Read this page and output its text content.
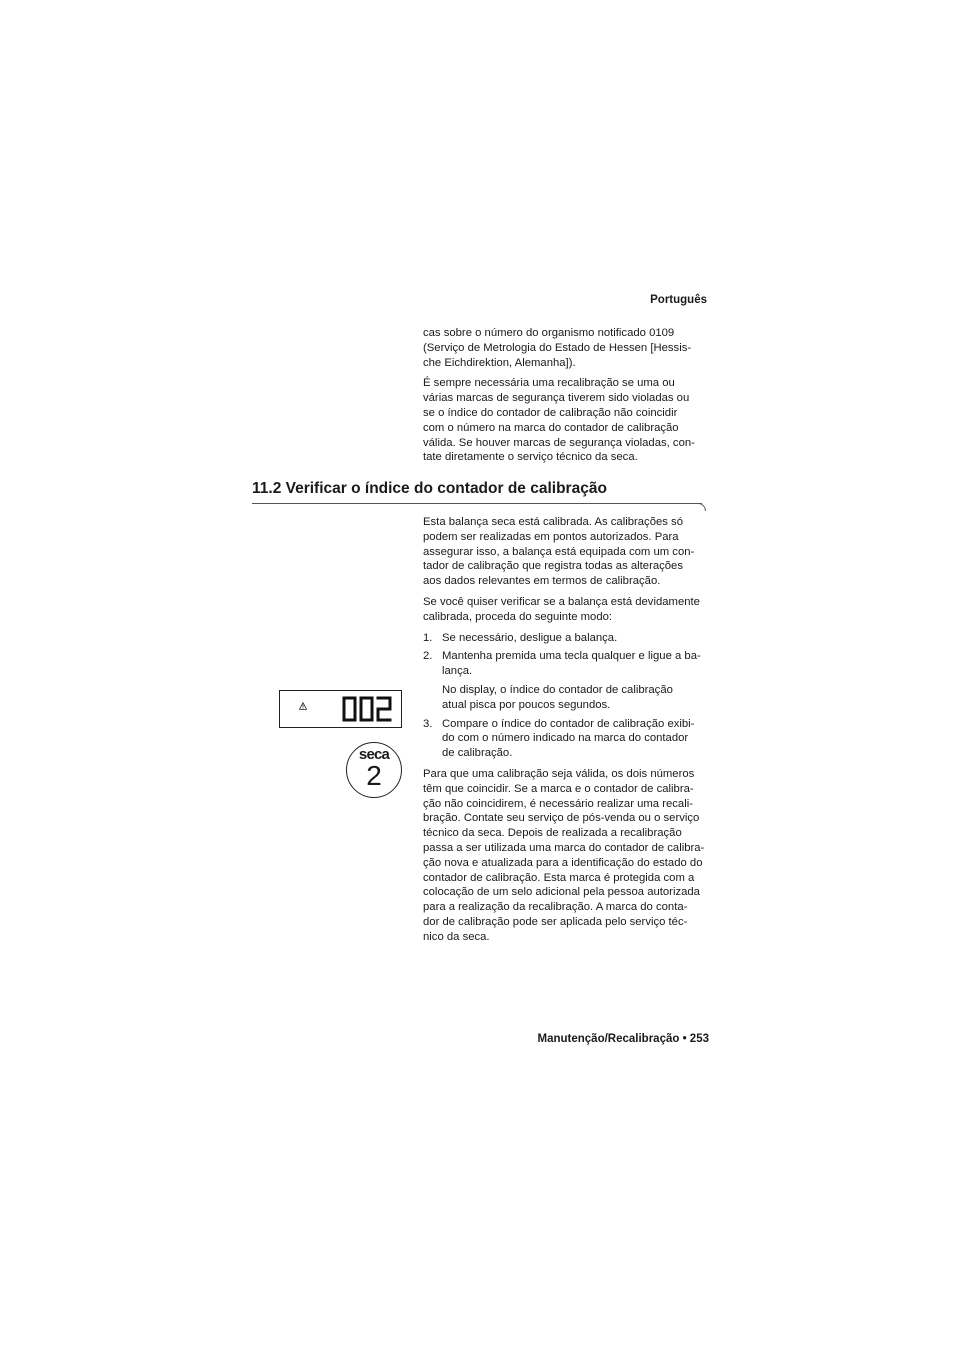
Português

cas sobre o número do organismo notificado 0109
(Serviço de Metrologia do Estado de Hessen [Hessis-
che Eichdirektion, Alemanha]).

É sempre necessária uma recalibração se uma ou
várias marcas de segurança tiverem sido violadas ou
se o índice do contador de calibração não coincidir
com o número na marca do contador de calibração
válida. Se houver marcas de segurança violadas, con-
tate diretamente o serviço técnico da seca.

11.2 Verificar o índice do contador de calibração

Esta balança seca está calibrada. As calibrações só
podem ser realizadas em pontos autorizados. Para
assegurar isso, a balança está equipada com um con-
tador de calibração que registra todas as alterações
aos dados relevantes em termos de calibração.

Se você quiser verificar se a balança está devidamente
calibrada, proceda do seguinte modo:

1. Se necessário, desligue a balança.
2. Mantenha premida uma tecla qualquer e ligue a ba-
lança.
No display, o índice do contador de calibração
atual pisca por poucos segundos.
3. Compare o índice do contador de calibração exibi-
do com o número indicado na marca do contador
de calibração.

Para que uma calibração seja válida, os dois números
têm que coincidir. Se a marca e o contador de calibra-
ção não coincidirem, é necessário realizar uma recali-
bração. Contate seu serviço de pós-venda ou o serviço
técnico da seca. Depois de realizada a recalibração
passa a ser utilizada uma marca do contador de calibra-
ção nova e atualizada para a identificação do estado do
contador de calibração. Esta marca é protegida com a
colocação de um selo adicional pela pessoa autorizada
para a realização da recalibração. A marca do conta-
dor de calibração pode ser aplicada pelo serviço téc-
nico da seca.

seca
2
Manutenção/Recalibração • 253
